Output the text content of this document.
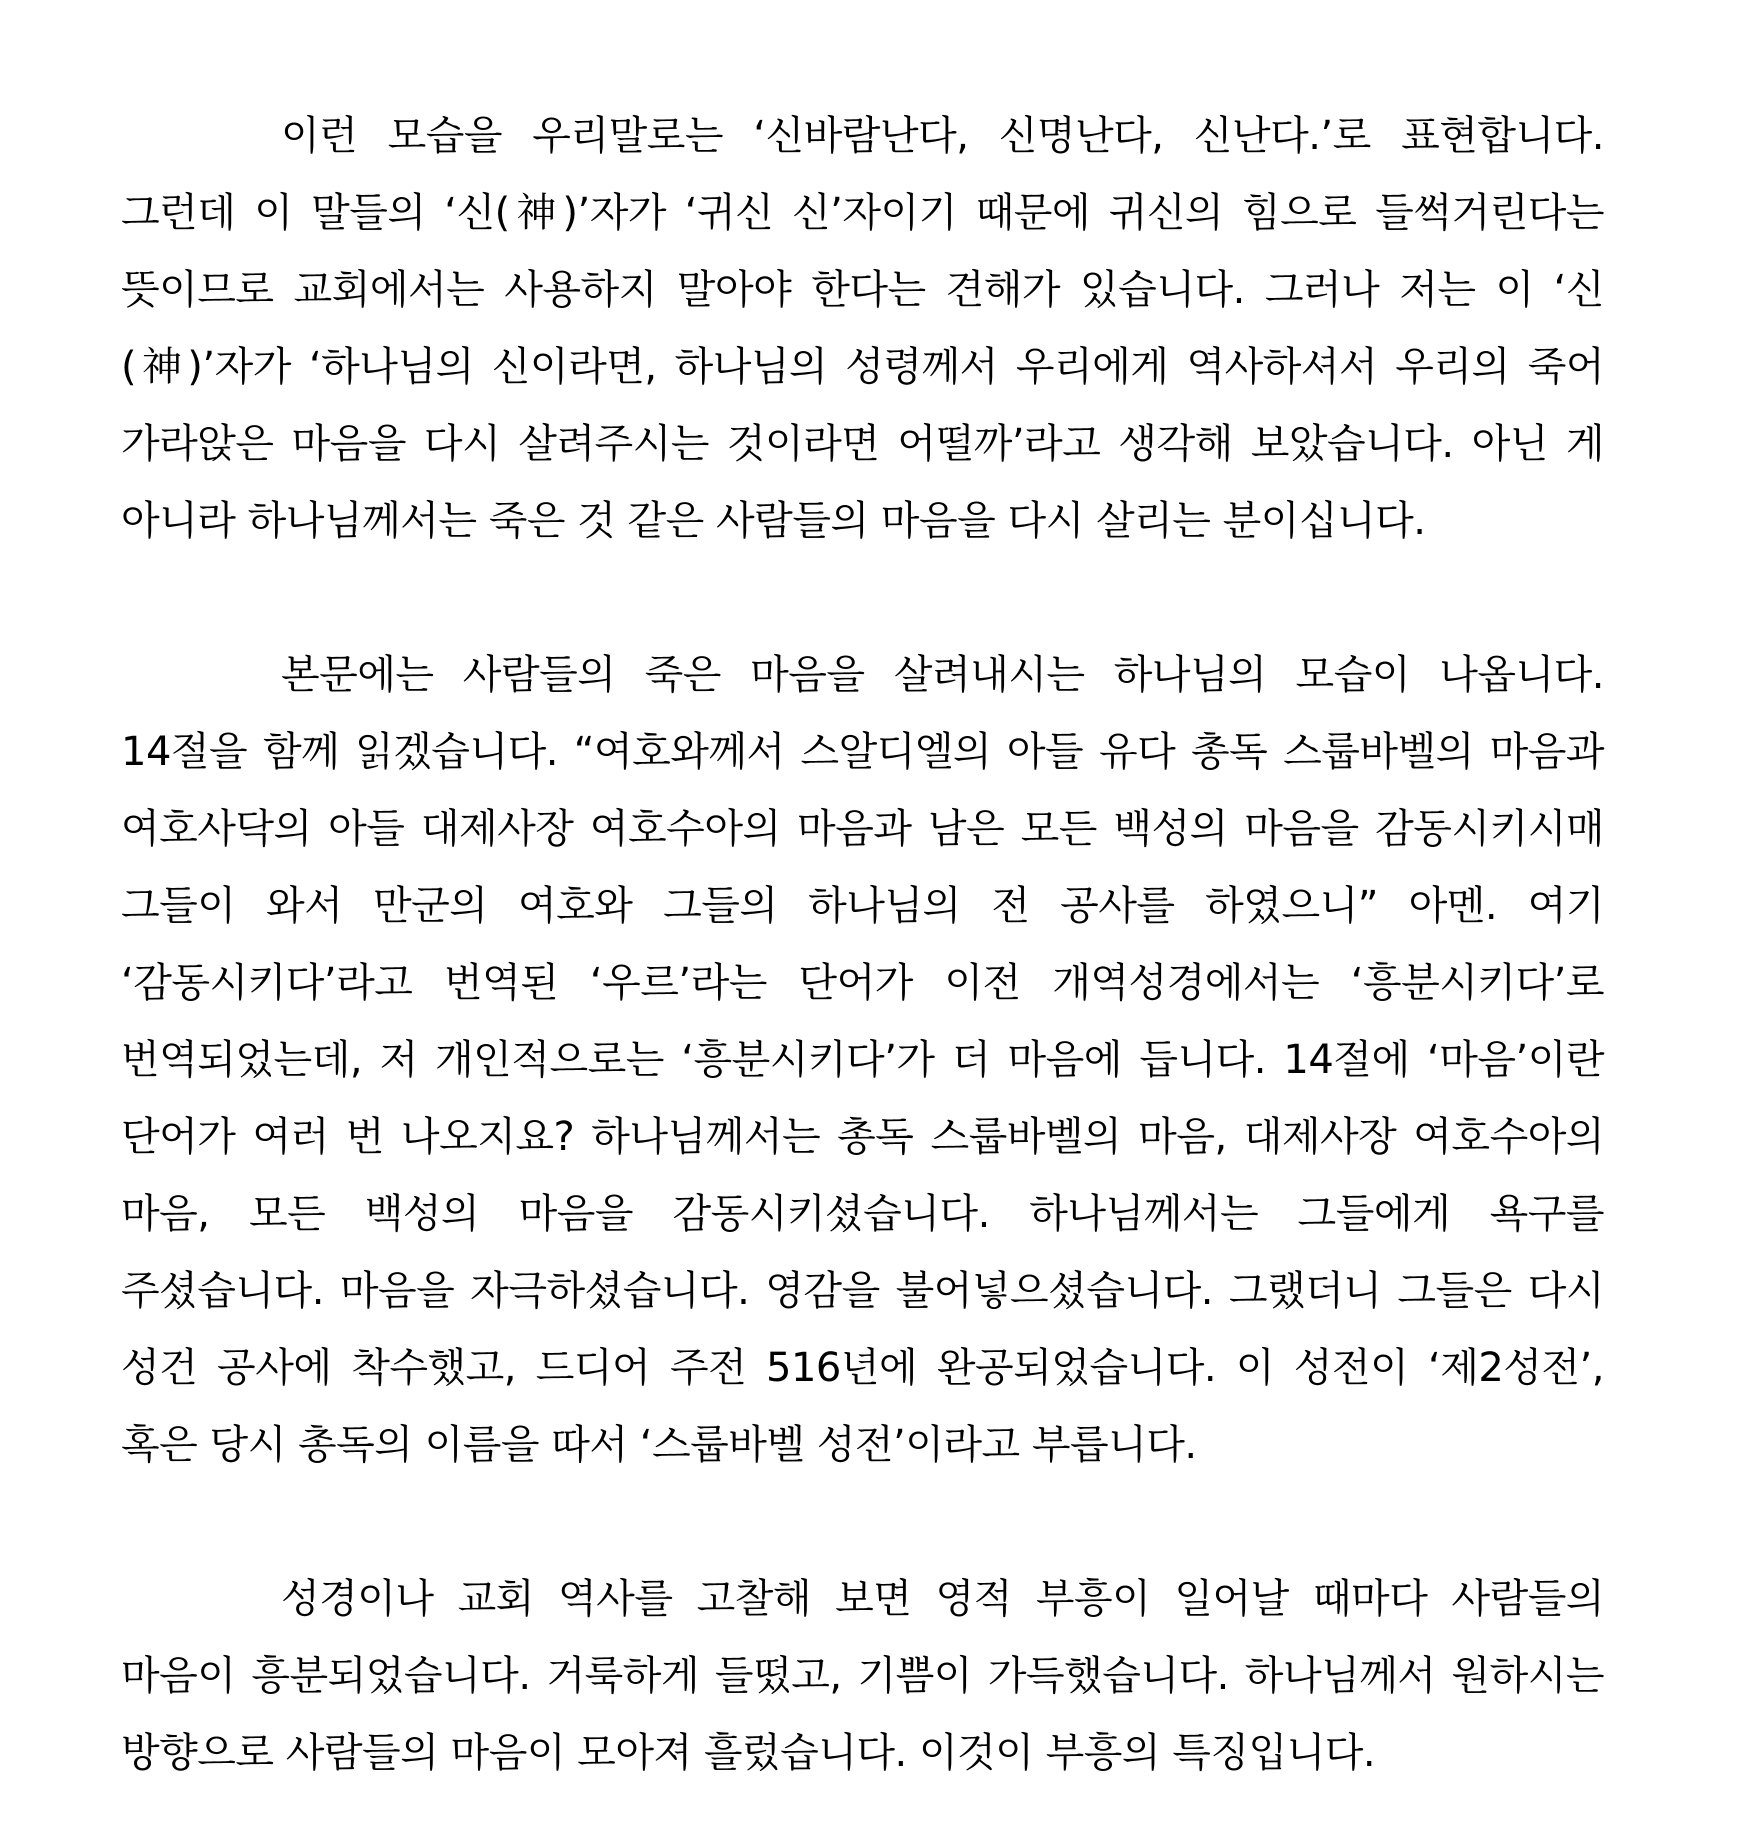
이런 모습을 우리말로는 ‘신바람난다, 신명난다, 신난다.’로 표현합니다. 그런데 이 말들의 ‘신(神)’자가 ‘귀신 신’자이기 때문에 귀신의 힘으로 들썩거린다는 뜻이므로 교회에서는 사용하지 말아야 한다는 견해가 있습니다. 그러나 저는 이 ‘신(神)’자가 ‘하나님의 신이라면, 하나님의 성령께서 우리에게 역사하셔서 우리의 죽어 가라앉은 마음을 다시 살려주시는 것이라면 어떨까’라고 생각해 보았습니다. 아닌 게 아니라 하나님께서는 죽은 것 같은 사람들의 마음을 다시 살리는 분이십니다.

본문에는 사람들의 죽은 마음을 살려내시는 하나님의 모습이 나옵니다. 14절을 함께 읽겠습니다. “여호와께서 스알디엘의 아들 유다 총독 스룹바벨의 마음과 여호사닥의 아들 대제사장 여호수아의 마음과 남은 모든 백성의 마음을 감동시키시매 그들이 와서 만군의 여호와 그들의 하나님의 전 공사를 하였으니” 아멘. 여기 ‘감동시키다’라고 번역된 ‘우르’라는 단어가 이전 개역성경에서는 ‘흥분시키다’로 번역되었는데, 저 개인적으로는 ‘흥분시키다’가 더 마음에 듭니다. 14절에 ‘마음’이란 단어가 여러 번 나오지요? 하나님께서는 총독 스룹바벨의 마음, 대제사장 여호수아의 마음, 모든 백성의 마음을 감동시키셨습니다. 하나님께서는 그들에게 욕구를 주셨습니다. 마음을 자극하셨습니다. 영감을 불어넣으셨습니다. 그랬더니 그들은 다시 성건 공사에 착수했고, 드디어 주전 516년에 완공되었습니다. 이 성전이 ‘제2성전’, 혹은 당시 총독의 이름을 따서 ‘스룹바벨 성전’이라고 부릅니다.

성경이나 교회 역사를 고찰해 보면 영적 부흥이 일어날 때마다 사람들의 마음이 흥분되었습니다. 거룩하게 들떴고, 기쁨이 가득했습니다. 하나님께서 원하시는 방향으로 사람들의 마음이 모아져 흘렀습니다. 이것이 부흥의 특징입니다.
